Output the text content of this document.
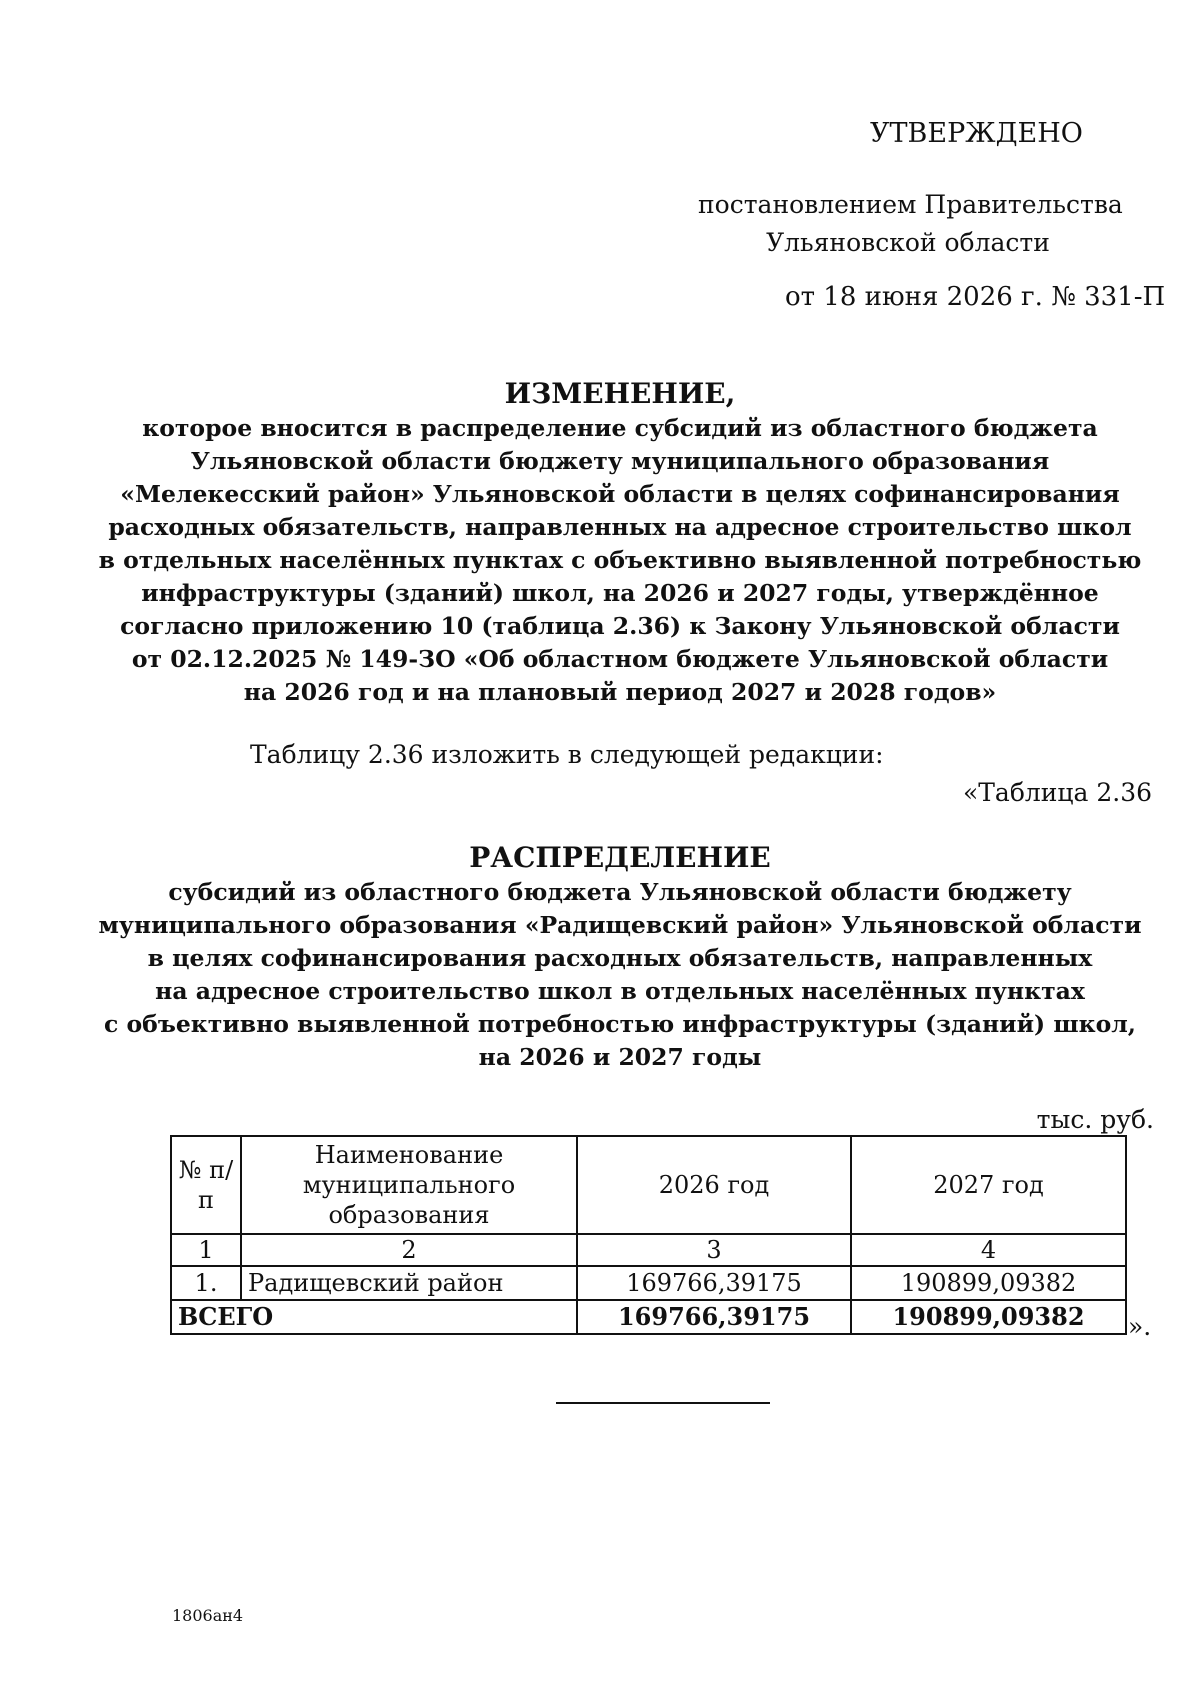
УТВЕРЖДЕНО
постановлением Правительства
Ульяновской области
от 18 июня 2026 г. № 331-П
ИЗМЕНЕНИЕ,
которое вносится в распределение субсидий из областного бюджета
Ульяновской области бюджету муниципального образования
«Мелекесский район» Ульяновской области в целях софинансирования
расходных обязательств, направленных на адресное строительство школ
в отдельных населённых пунктах с объективно выявленной потребностью
инфраструктуры (зданий) школ, на 2026 и 2027 годы, утверждённое
согласно приложению 10 (таблица 2.36) к Закону Ульяновской области
от 02.12.2025 № 149-ЗО «Об областном бюджете Ульяновской области
на 2026 год и на плановый период 2027 и 2028 годов»
Таблицу 2.36 изложить в следующей редакции:
«Таблица 2.36
РАСПРЕДЕЛЕНИЕ
субсидий из областного бюджета Ульяновской области бюджету
муниципального образования «Радищевский район» Ульяновской области
в целях софинансирования расходных обязательств, направленных
на адресное строительство школ в отдельных населённых пунктах
с объективно выявленной потребностью инфраструктуры (зданий) школ,
на 2026 и 2027 годы
тыс. руб.
№ п/п	Наименование муниципального образования	2026 год	2027 год
1	2	3	4
1.	Радищевский район	169766,39175	190899,09382
ВСЕГО		169766,39175	190899,09382 ».
1806ан4
